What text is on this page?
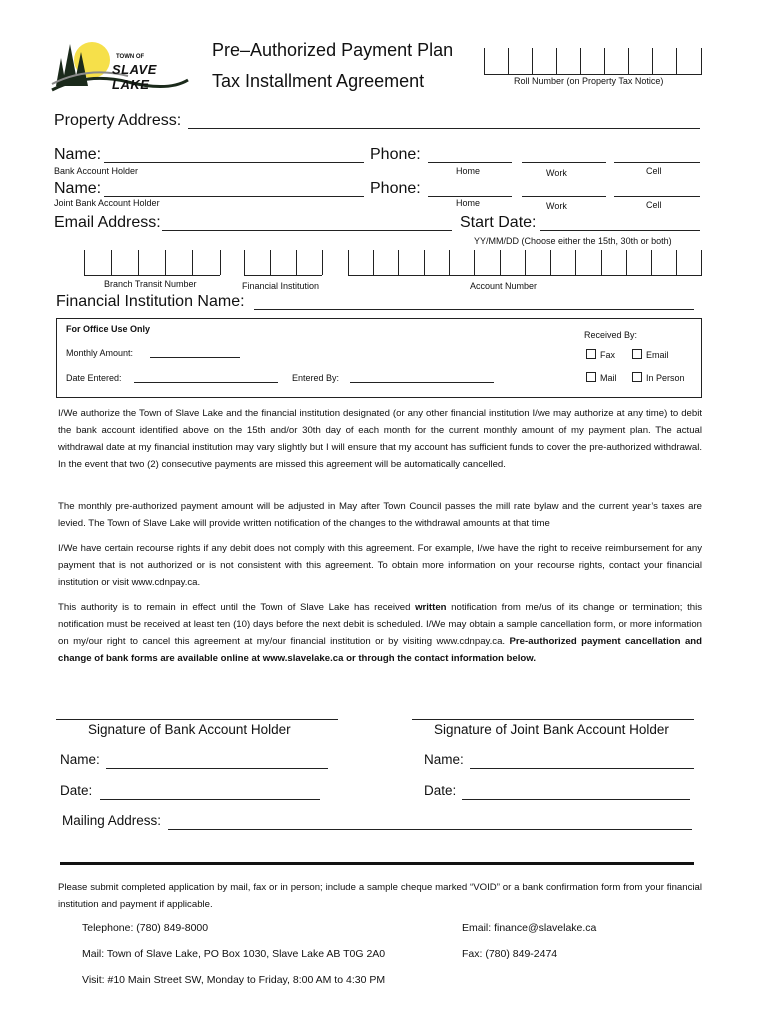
TOWN OF
SLAVE LAKE
Pre–Authorized Payment Plan
Tax Installment Agreement	Roll Number (on Property Tax Notice)
Property Address:
Name:
Bank Account Holder
Phone:
Home	Work	Cell
Name:
Joint Bank Account Holder
Phone:
Home	Work	Cell
Email Address:	Start Date:
YY/MM/DD (Choose either the 15th, 30th or both)
Branch Transit Number	Financial Institution	Account Number
Financial Institution Name:
For Office Use Only
Received By:
Monthly Amount:
Date Entered:	Entered By:
Fax	Email
Mail	In Person
I/We authorize the Town of Slave Lake and the financial institution designated (or any other financial institution I/we may authorize at any time) to debit the bank account identified above on the 15th and/or 30th day of each month for the current monthly amount of my payment plan. The actual withdrawal date at my financial institution may vary slightly but I will ensure that my account has sufficient funds to cover the pre-authorized withdrawal. In the event that two (2) consecutive payments are missed this agreement will be automatically cancelled.
The monthly pre-authorized payment amount will be adjusted in May after Town Council passes the mill rate bylaw and the current year’s taxes are levied. The Town of Slave Lake will provide written notification of the changes to the withdrawal amounts at that time
I/We have certain recourse rights if any debit does not comply with this agreement. For example, I/we have the right to receive reimbursement for any payment that is not authorized or is not consistent with this agreement. To obtain more information on your recourse rights, contact your financial institution or visit www.cdnpay.ca.
This authority is to remain in effect until the Town of Slave Lake has received written notification from me/us of its change or termination; this notification must be received at least ten (10) days before the next debit is scheduled. I/We may obtain a sample cancellation form, or more information on my/our right to cancel this agreement at my/our financial institution or by visiting www.cdnpay.ca. Pre-authorized payment cancellation and change of bank forms are available online at www.slavelake.ca or through the contact information below.
Signature of Bank Account Holder	Signature of Joint Bank Account Holder
Name:	Name:
Date:	Date:
Mailing Address:
Please submit completed application by mail, fax or in person; include a sample cheque marked “VOID” or a bank confirmation form from your financial institution and payment if applicable.
Telephone: (780) 849-8000	Email: finance@slavelake.ca
Mail: Town of Slave Lake, PO Box 1030, Slave Lake AB T0G 2A0	Fax: (780) 849-2474
Visit: #10 Main Street SW, Monday to Friday, 8:00 AM to 4:30 PM
